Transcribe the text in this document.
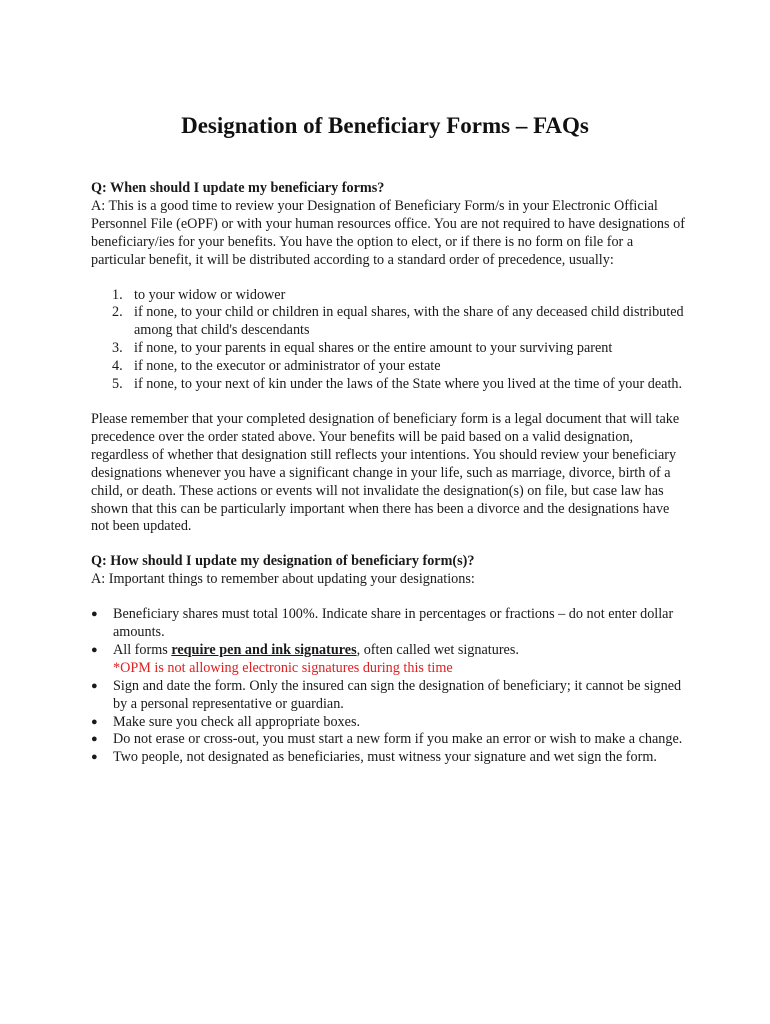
Designation of Beneficiary Forms – FAQs

Q: When should I update my beneficiary forms?

A: This is a good time to review your Designation of Beneficiary Form/s in your Electronic Official Personnel File (eOPF) or with your human resources office. You are not required to have designations of beneficiary/ies for your benefits. You have the option to elect, or if there is no form on file for a particular benefit, it will be distributed according to a standard order of precedence, usually:

1. to your widow or widower
2. if none, to your child or children in equal shares, with the share of any deceased child distributed among that child's descendants
3. if none, to your parents in equal shares or the entire amount to your surviving parent
4. if none, to the executor or administrator of your estate
5. if none, to your next of kin under the laws of the State where you lived at the time of your death.

Please remember that your completed designation of beneficiary form is a legal document that will take precedence over the order stated above. Your benefits will be paid based on a valid designation, regardless of whether that designation still reflects your intentions. You should review your beneficiary designations whenever you have a significant change in your life, such as marriage, divorce, birth of a child, or death. These actions or events will not invalidate the designation(s) on file, but case law has shown that this can be particularly important when there has been a divorce and the designations have not been updated.

Q: How should I update my designation of beneficiary form(s)?

A: Important things to remember about updating your designations:

●	Beneficiary shares must total 100%. Indicate share in percentages or fractions – do not enter dollar amounts.
●	All forms require pen and ink signatures, often called wet signatures.
*OPM is not allowing electronic signatures during this time
●	Sign and date the form. Only the insured can sign the designation of beneficiary; it cannot be signed by a personal representative or guardian.
●	Make sure you check all appropriate boxes.
●	Do not erase or cross-out, you must start a new form if you make an error or wish to make a change.
●	Two people, not designated as beneficiaries, must witness your signature and wet sign the form.
